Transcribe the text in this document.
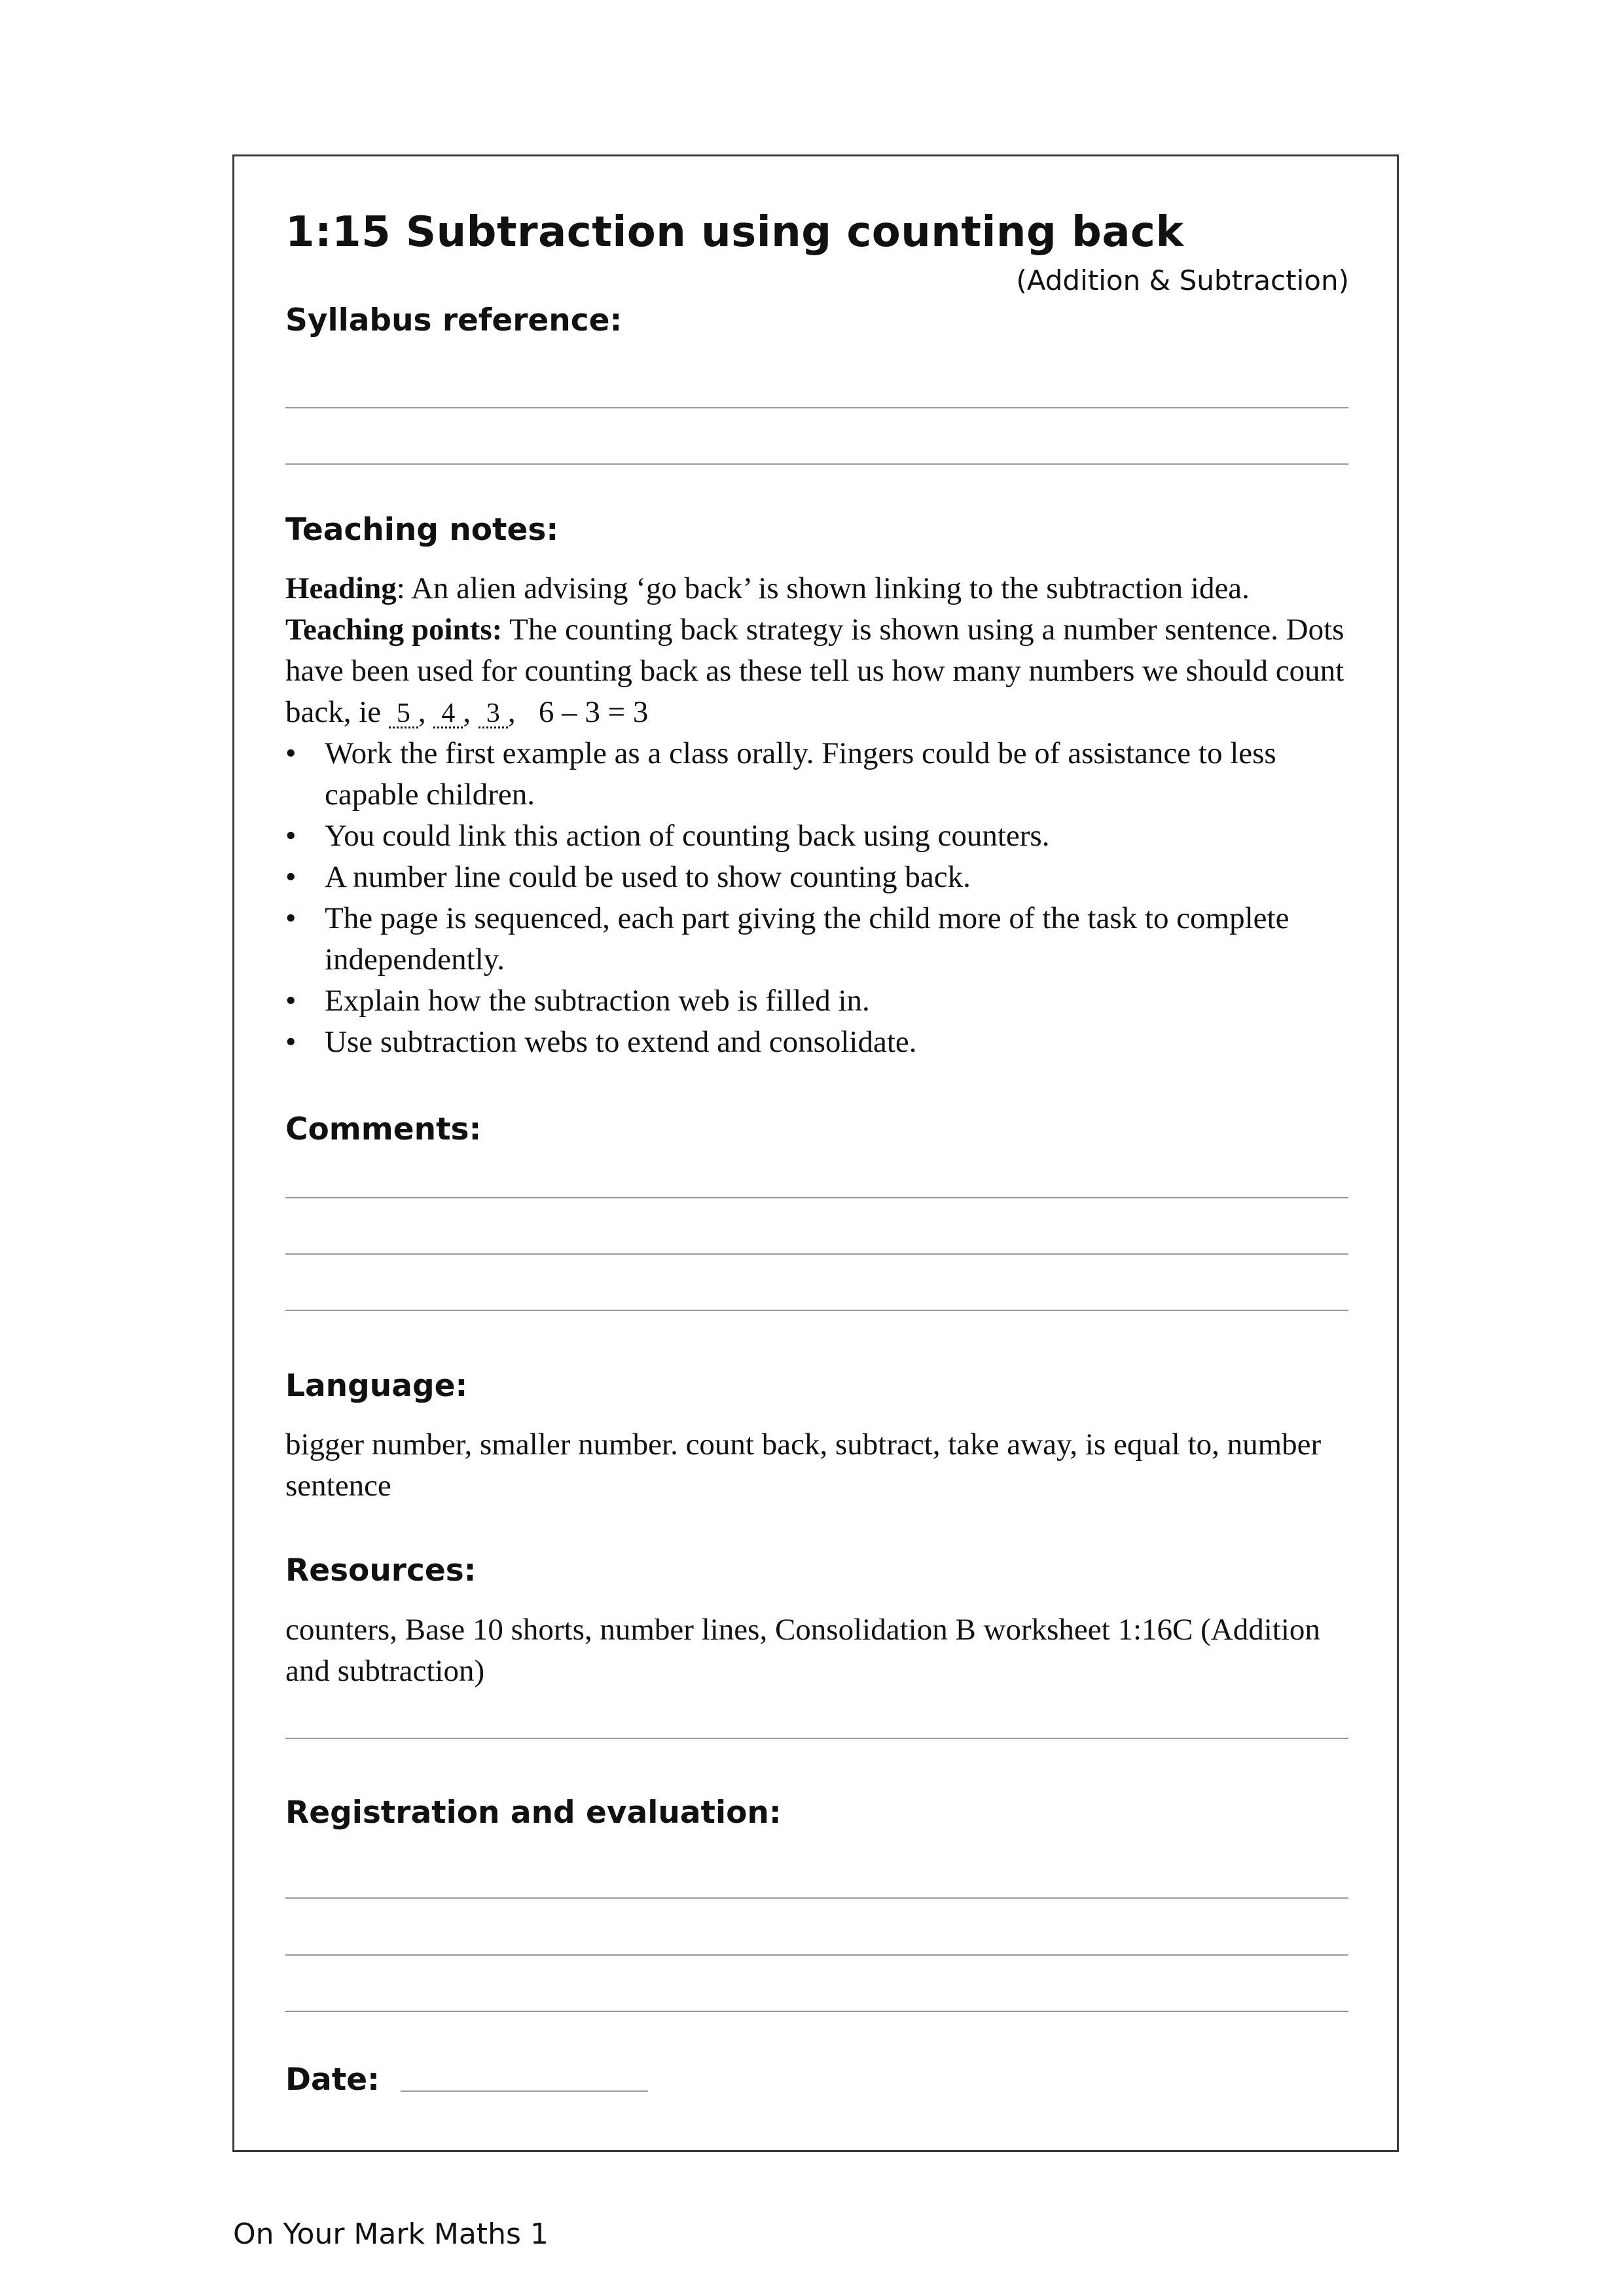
1:15 Subtraction using counting back
(Addition & Subtraction)
Syllabus reference:
Teaching notes:

Heading: An alien advising ‘go back’ is shown linking to the subtraction idea.

Teaching points: The counting back strategy is shown using a number sentence. Dots have been used for counting back as these tell us how many numbers we should count back, ie 5 , 4 , 3 ,   6 – 3 = 3

• Work the first example as a class orally. Fingers could be of assistance to less capable children.
• You could link this action of counting back using counters.
• A number line could be used to show counting back.
• The page is sequenced, each part giving the child more of the task to complete independently.
• Explain how the subtraction web is filled in.
• Use subtraction webs to extend and consolidate.
Comments:
Language:
bigger number, smaller number. count back, subtract, take away, is equal to, number sentence
Resources:
counters, Base 10 shorts, number lines, Consolidation B worksheet 1:16C (Addition and subtraction)
Registration and evaluation:
Date:
On Your Mark Maths 1
